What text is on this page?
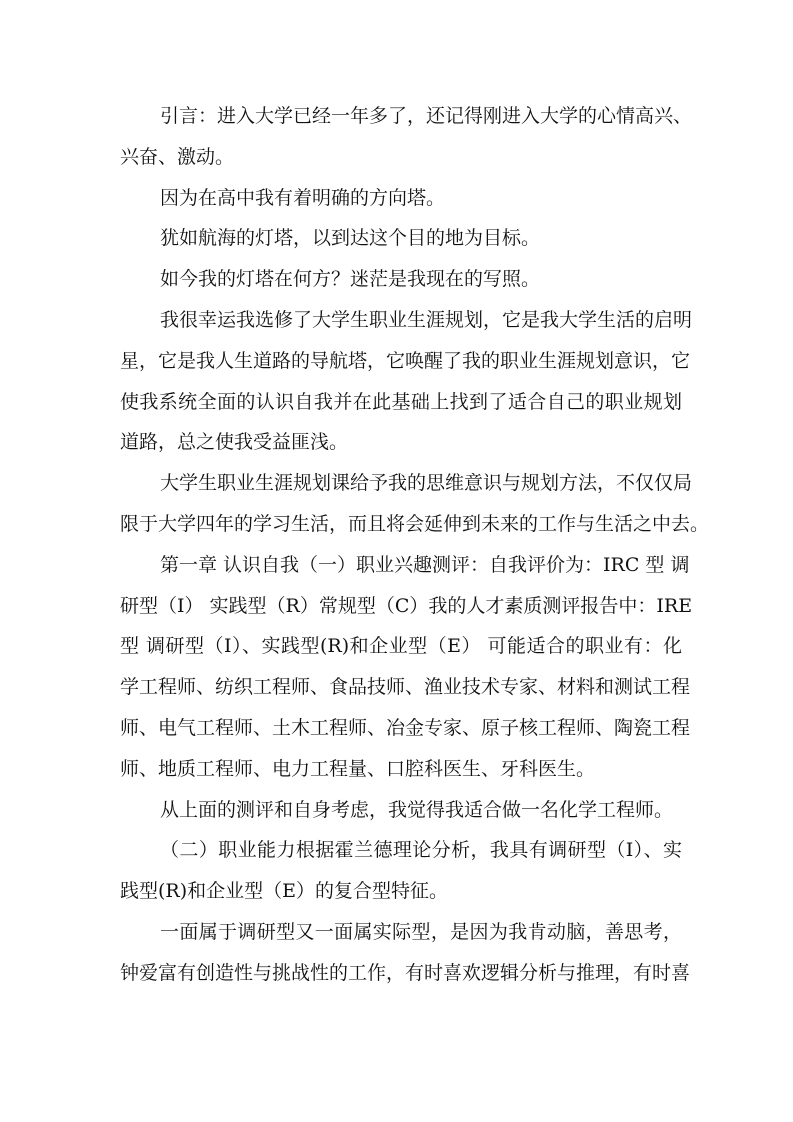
引言：进入大学已经一年多了，还记得刚进入大学的心情高兴、
兴奋、激动。
因为在高中我有着明确的方向塔。
犹如航海的灯塔，以到达这个目的地为目标。
如今我的灯塔在何方？迷茫是我现在的写照。
我很幸运我选修了大学生职业生涯规划，它是我大学生活的启明
星，它是我人生道路的导航塔，它唤醒了我的职业生涯规划意识，它
使我系统全面的认识自我并在此基础上找到了适合自己的职业规划
道路，总之使我受益匪浅。
大学生职业生涯规划课给予我的思维意识与规划方法，不仅仅局
限于大学四年的学习生活，而且将会延伸到未来的工作与生活之中去。
第一章 认识自我（一）职业兴趣测评：自我评价为：IRC 型 调
研型（I） 实践型（R）常规型（C）我的人才素质测评报告中：IRE
型 调研型（I）、实践型(R)和企业型（E） 可能适合的职业有：化
学工程师、纺织工程师、食品技师、渔业技术专家、材料和测试工程
师、电气工程师、土木工程师、冶金专家、原子核工程师、陶瓷工程
师、地质工程师、电力工程量、口腔科医生、牙科医生。
从上面的测评和自身考虑，我觉得我适合做一名化学工程师。
（二）职业能力根据霍兰德理论分析，我具有调研型（I）、实
践型(R)和企业型（E）的复合型特征。
一面属于调研型又一面属实际型，是因为我肯动脑，善思考，
钟爱富有创造性与挑战性的工作，有时喜欢逻辑分析与推理，有时喜
